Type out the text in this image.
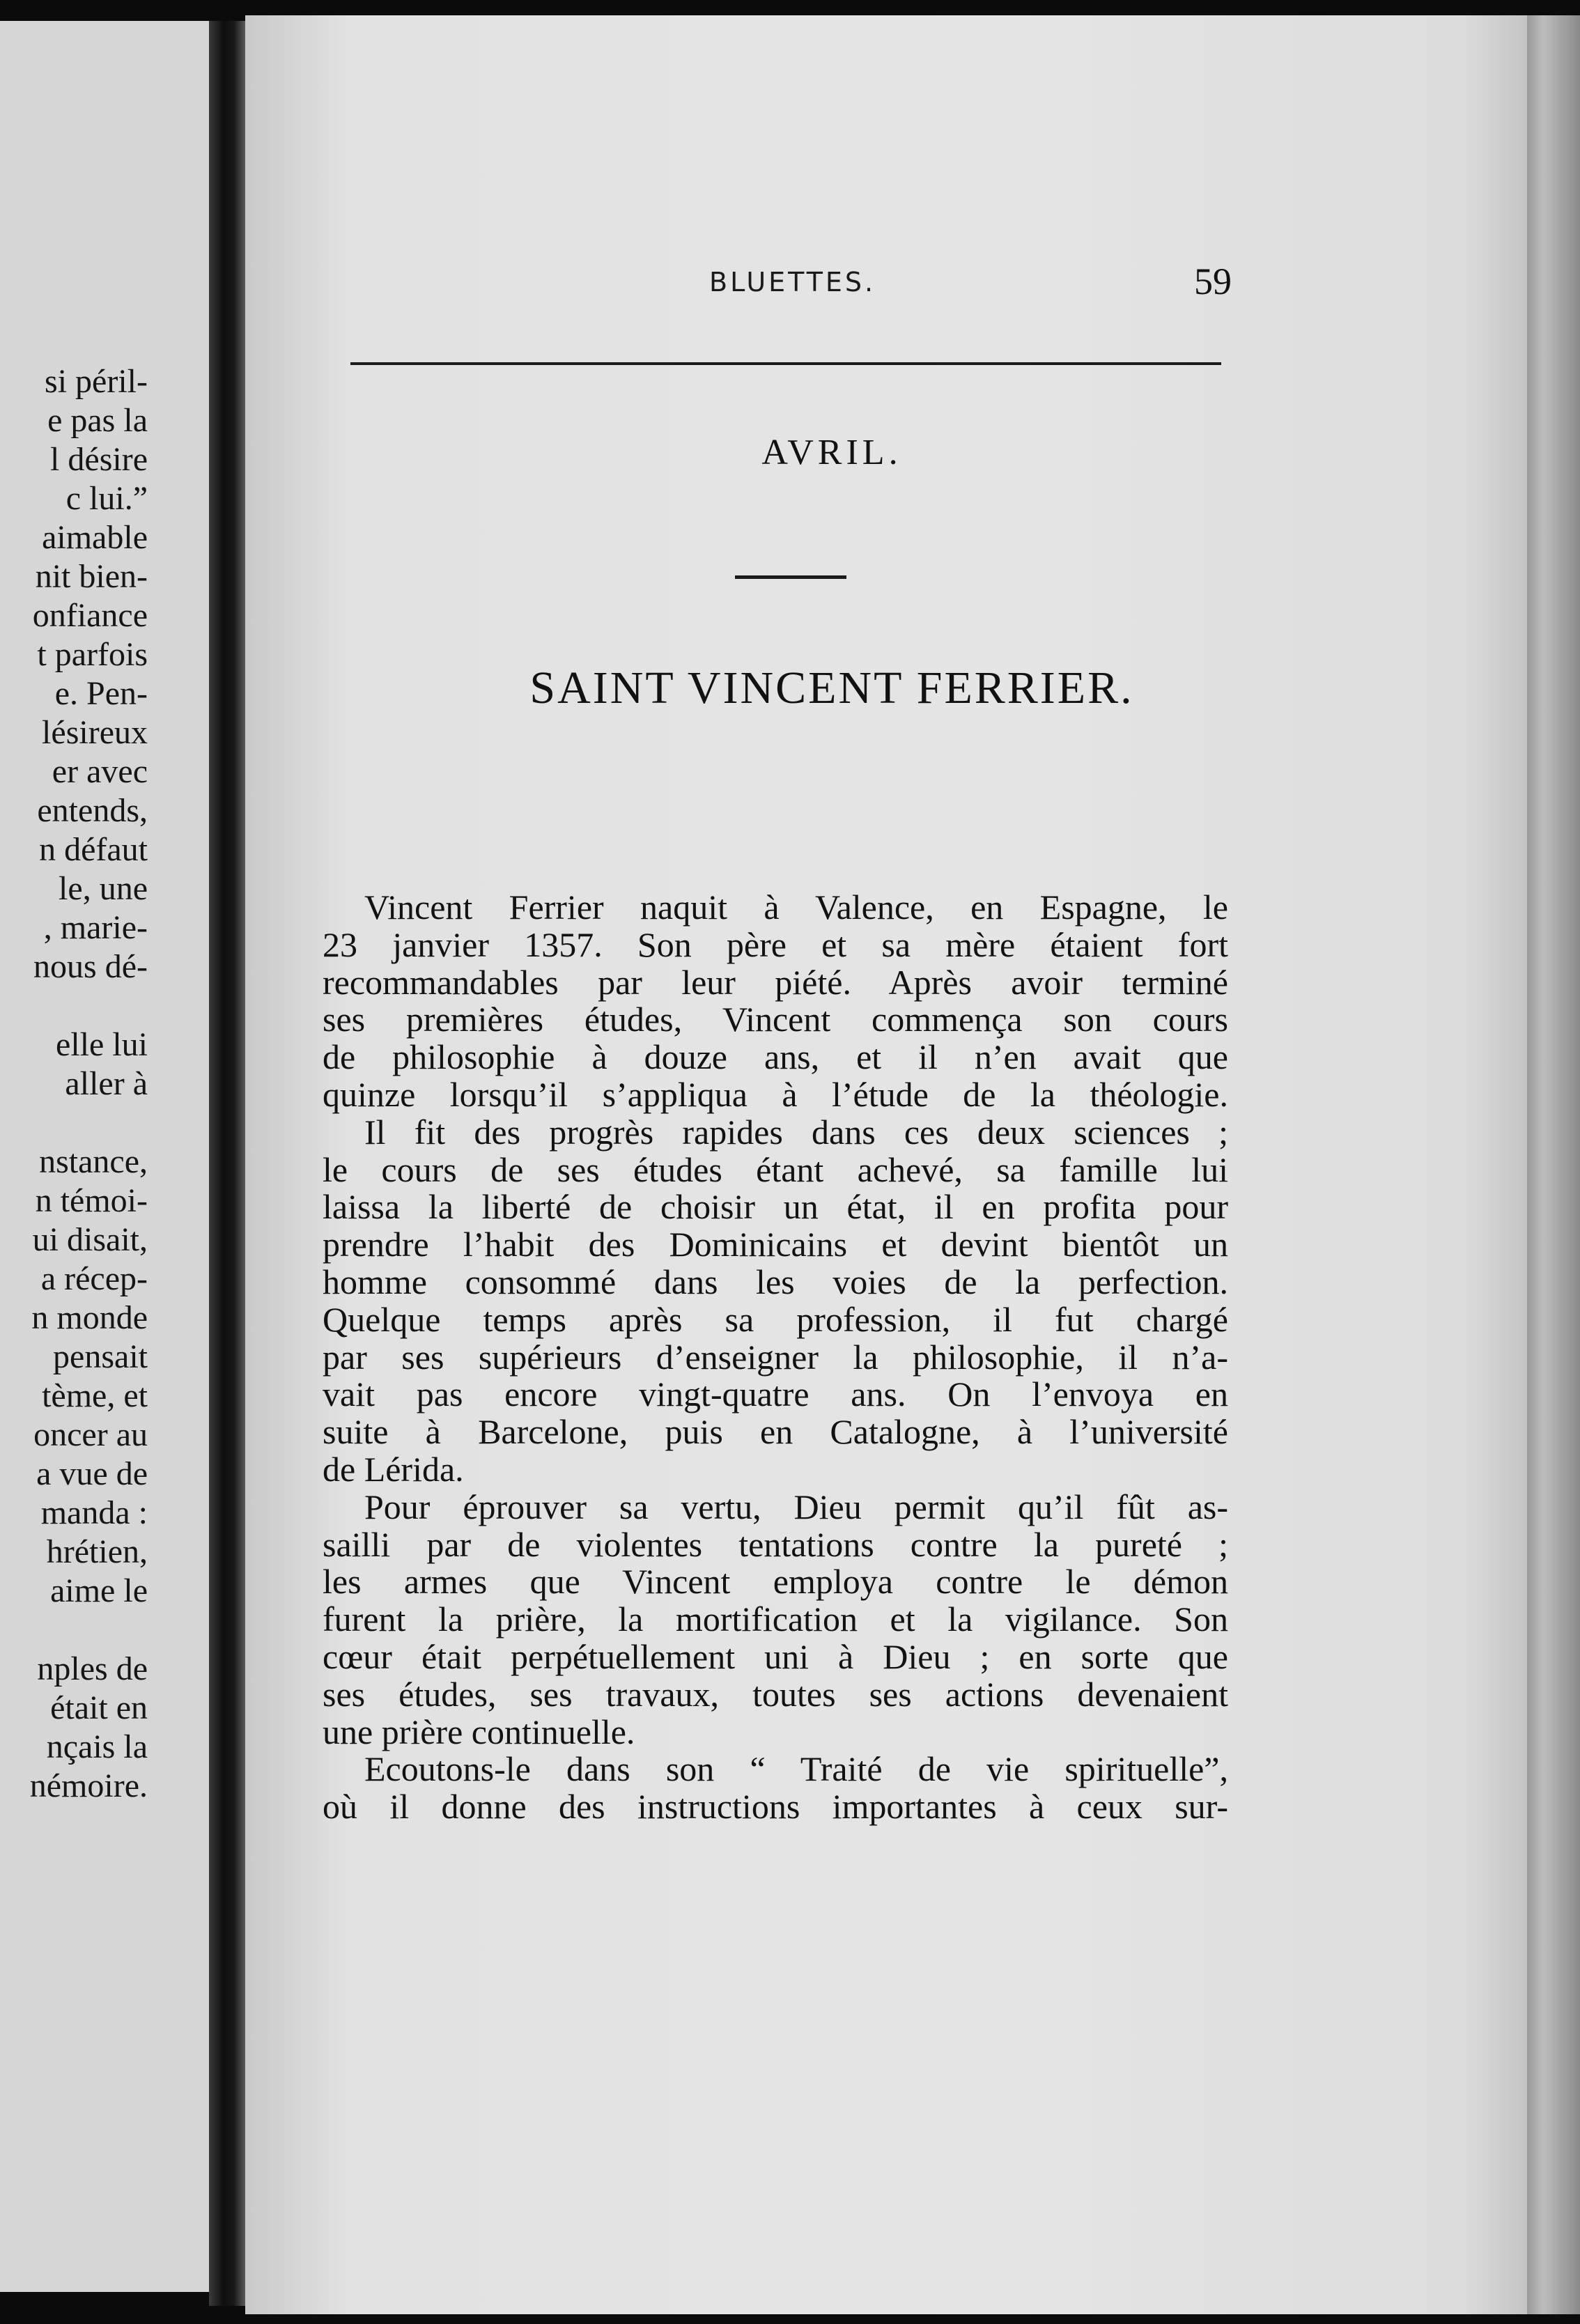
si péril-
e pas la
l désire
c lui.”
aimable
nit bien-
onfiance
t parfois
e. Pen-
lésireux
er avec
entends,
n défaut
le, une
, marie-
nous dé-
elle lui
aller à
nstance,
n témoi-
ui disait,
a récep-
n monde
pensait
tème, et
oncer au
a vue de
manda :
hrétien,
aime le
nples de
était en
nçais la
némoire.
BLUETTES.	59
AVRIL.
SAINT VINCENT FERRIER.
Vincent Ferrier naquit à Valence, en Espagne, le
23 janvier 1357. Son père et sa mère étaient fort
recommandables par leur piété. Après avoir terminé
ses premières études, Vincent commença son cours
de philosophie à douze ans, et il n’en avait que
quinze lorsqu’il s’appliqua à l’étude de la théologie.
Il fit des progrès rapides dans ces deux sciences ;
le cours de ses études étant achevé, sa famille lui
laissa la liberté de choisir un état, il en profita pour
prendre l’habit des Dominicains et devint bientôt un
homme consommé dans les voies de la perfection.
Quelque temps après sa profession, il fut chargé
par ses supérieurs d’enseigner la philosophie, il n’a-
vait pas encore vingt-quatre ans. On l’envoya en
suite à Barcelone, puis en Catalogne, à l’université
de Lérida.
Pour éprouver sa vertu, Dieu permit qu’il fût as-
sailli par de violentes tentations contre la pureté ;
les armes que Vincent employa contre le démon
furent la prière, la mortification et la vigilance. Son
cœur était perpétuellement uni à Dieu ; en sorte que
ses études, ses travaux, toutes ses actions devenaient
une prière continuelle.
Ecoutons-le dans son “ Traité de vie spirituelle”,
où il donne des instructions importantes à ceux sur-
